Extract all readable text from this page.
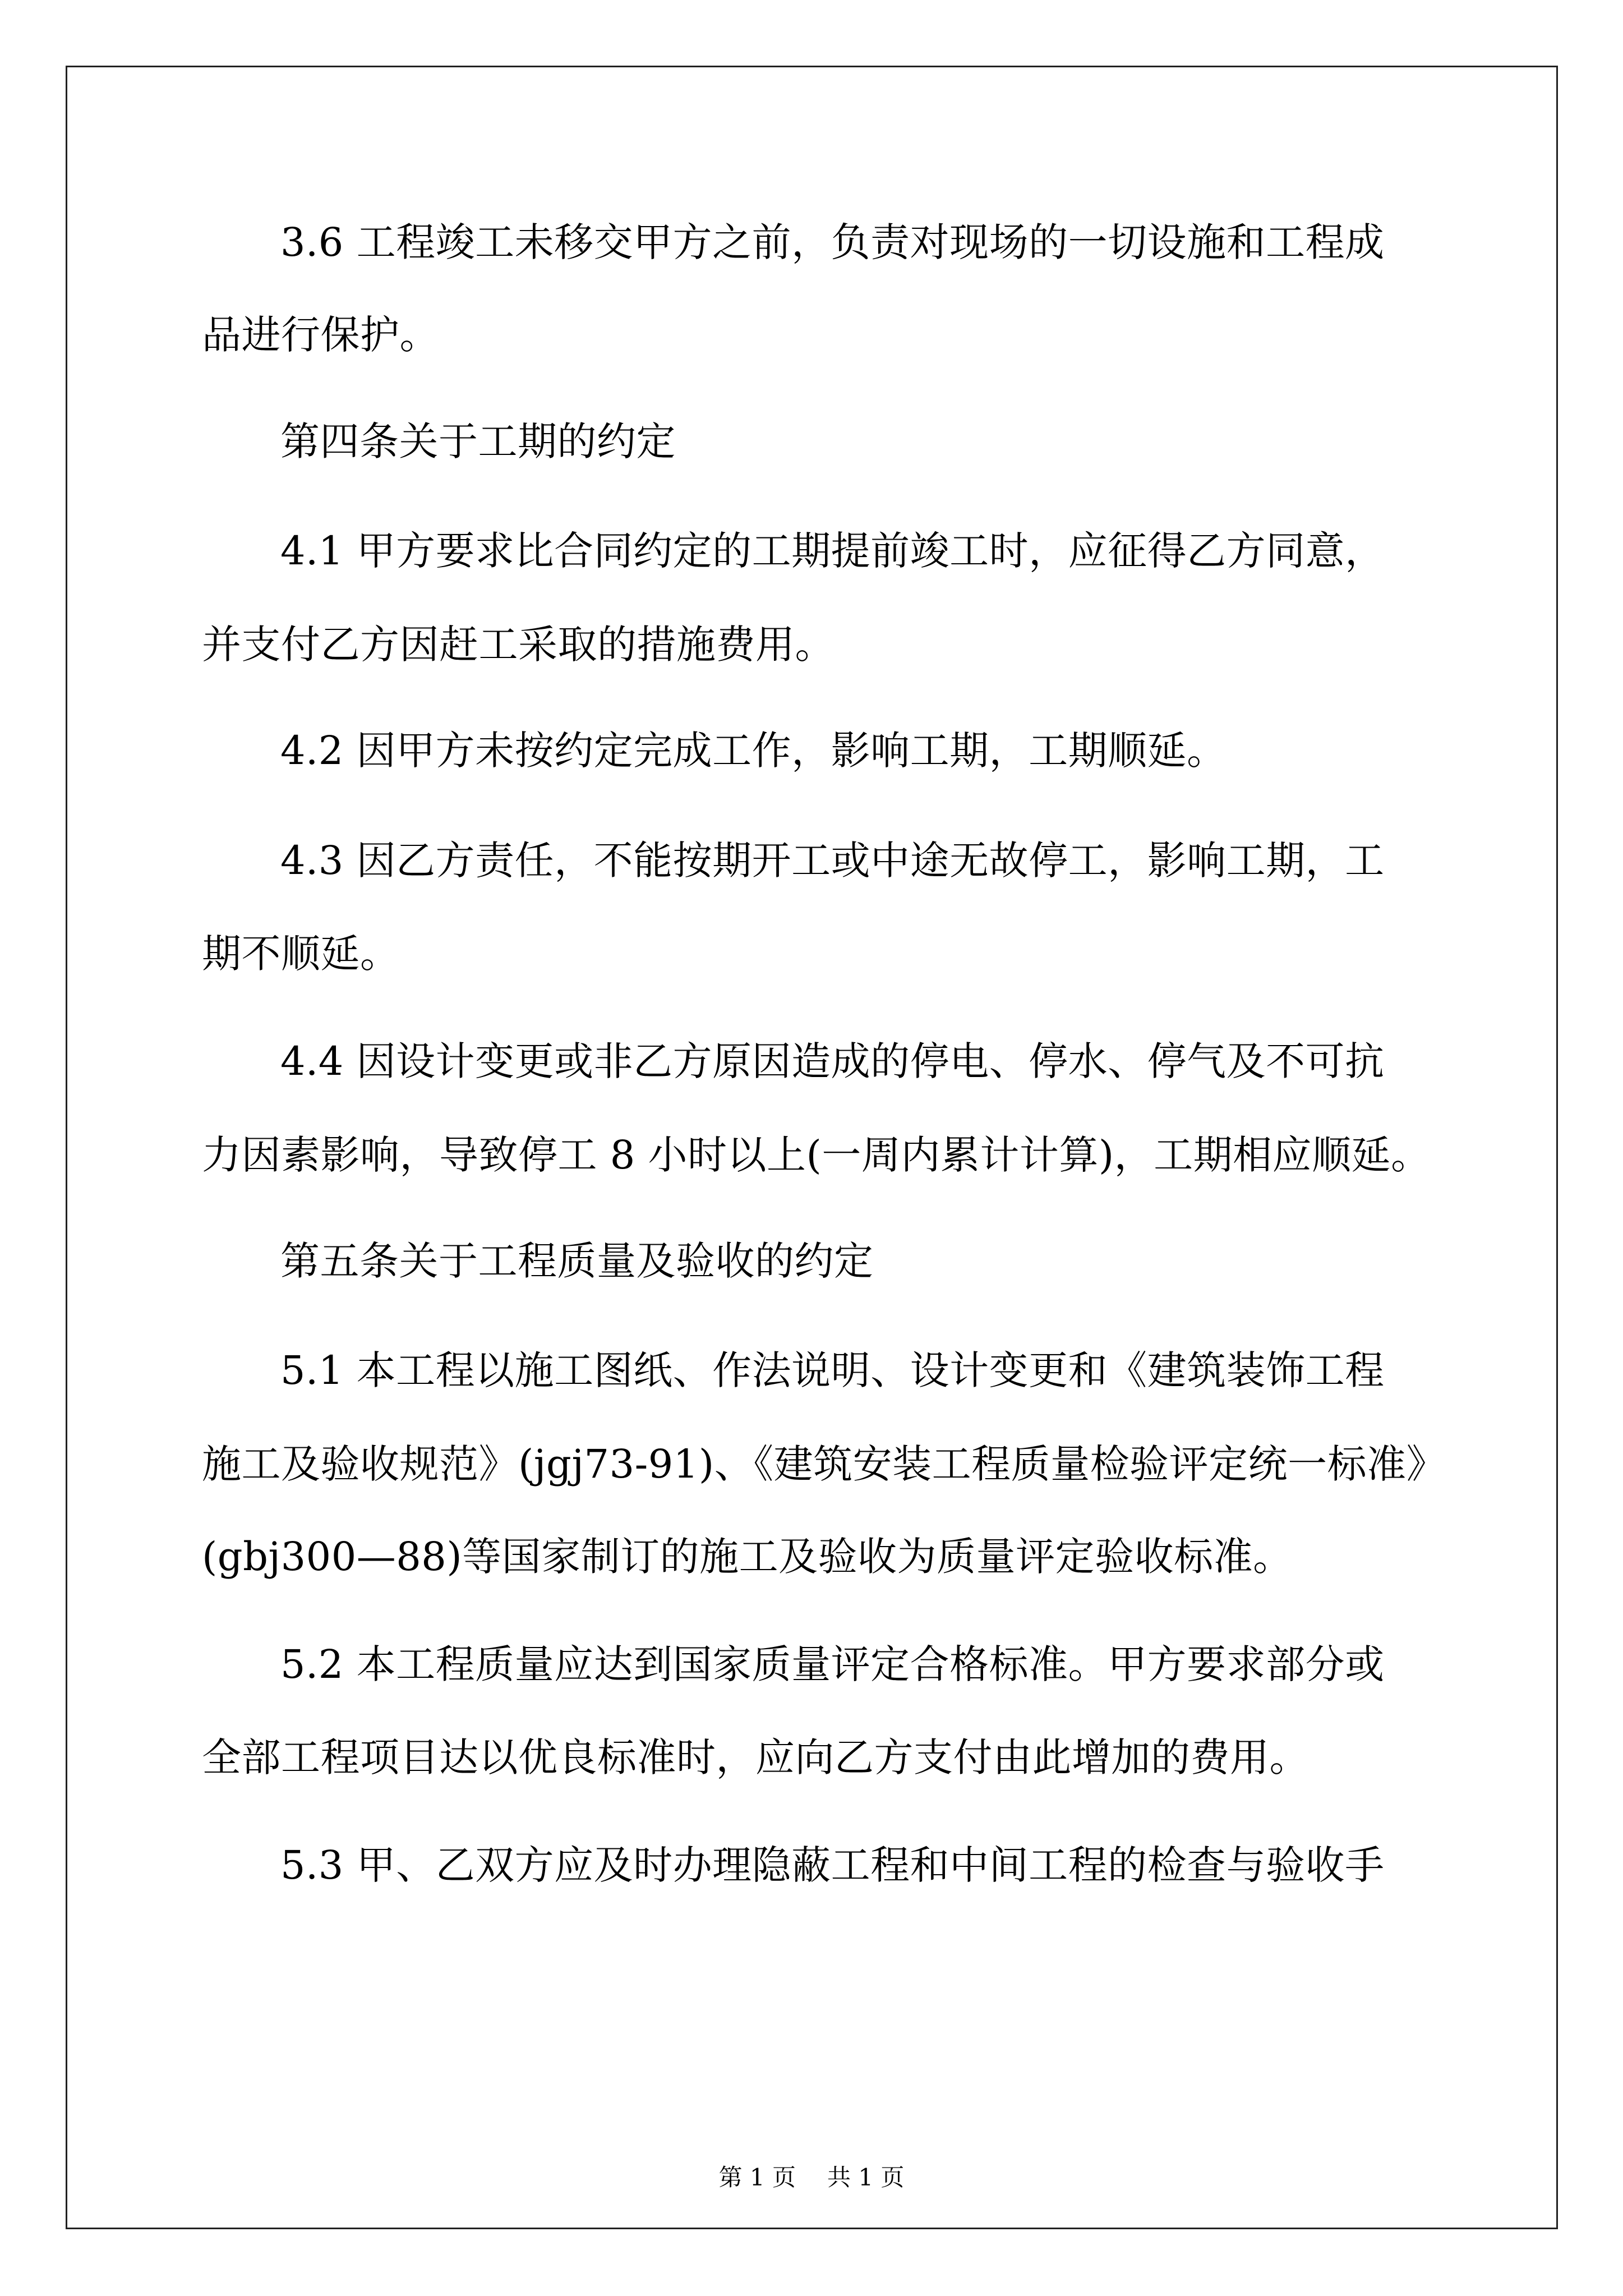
3.6 工程竣工未移交甲方之前，负责对现场的一切设施和工程成
品进行保护。
第四条关于工期的约定
4.1 甲方要求比合同约定的工期提前竣工时，应征得乙方同意，
并支付乙方因赶工采取的措施费用。
4.2 因甲方未按约定完成工作，影响工期，工期顺延。
4.3 因乙方责任，不能按期开工或中途无故停工，影响工期，工
期不顺延。
4.4 因设计变更或非乙方原因造成的停电、停水、停气及不可抗
力因素影响，导致停工 8 小时以上(一周内累计计算)，工期相应顺延。
第五条关于工程质量及验收的约定
5.1 本工程以施工图纸、作法说明、设计变更和《建筑装饰工程
施工及验收规范》(jgj73-91)、《建筑安装工程质量检验评定统一标准》
(gbj300—88)等国家制订的施工及验收为质量评定验收标准。
5.2 本工程质量应达到国家质量评定合格标准。甲方要求部分或
全部工程项目达以优良标准时，应向乙方支付由此增加的费用。
5.3 甲、乙双方应及时办理隐蔽工程和中间工程的检查与验收手
第 1 页 共 1 页
